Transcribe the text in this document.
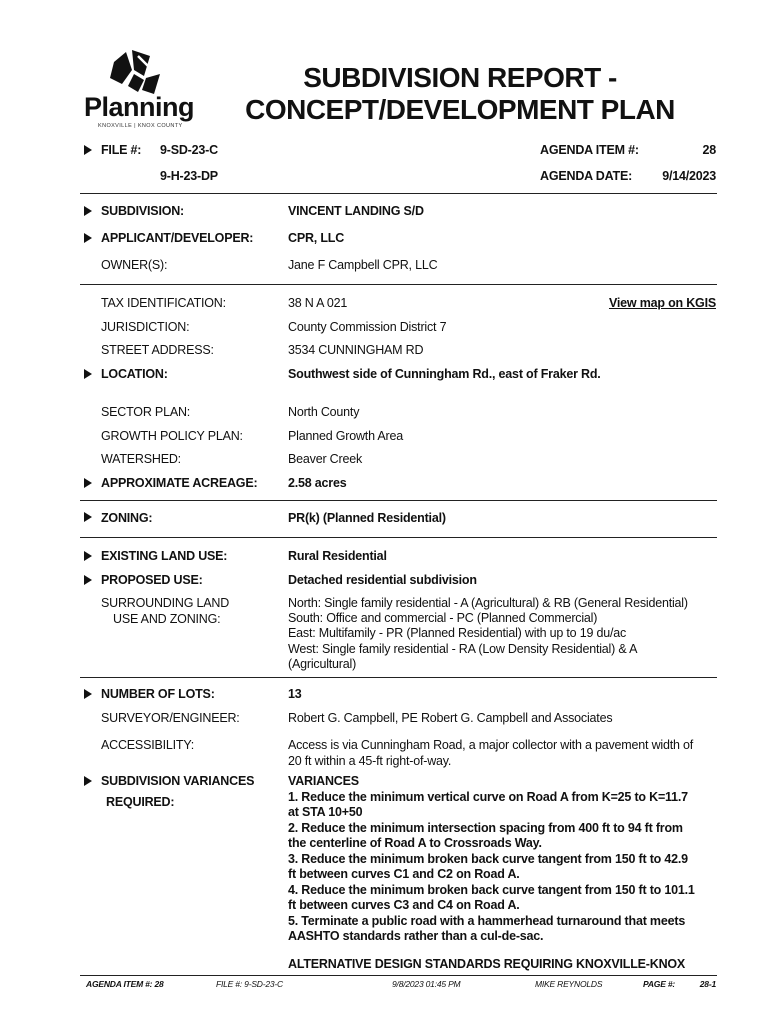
Planning
KNOXVILLE | KNOX COUNTY
SUBDIVISION REPORT -
CONCEPT/DEVELOPMENT PLAN
FILE #: 9-SD-23-C
9-H-23-DP
AGENDA ITEM #:	28
AGENDA DATE:	9/14/2023
SUBDIVISION:	VINCENT LANDING S/D
APPLICANT/DEVELOPER:	CPR, LLC
OWNER(S):	Jane F Campbell CPR, LLC
TAX IDENTIFICATION:	38 N A 021	View map on KGIS
JURISDICTION:	County Commission District 7
STREET ADDRESS:	3534 CUNNINGHAM RD
LOCATION:	Southwest side of Cunningham Rd., east of Fraker Rd.
SECTOR PLAN:	North County
GROWTH POLICY PLAN:	Planned Growth Area
WATERSHED:	Beaver Creek
APPROXIMATE ACREAGE: 2.58 acres
ZONING:	PR(k) (Planned Residential)
EXISTING LAND USE:	Rural Residential
PROPOSED USE:	Detached residential subdivision
SURROUNDING LAND
USE AND ZONING:
North: Single family residential - A (Agricultural) & RB (General Residential)
South: Office and commercial - PC (Planned Commercial)
East: Multifamily - PR (Planned Residential) with up to 19 du/ac
West: Single family residential - RA (Low Density Residential) & A
(Agricultural)
NUMBER OF LOTS:	13
SURVEYOR/ENGINEER:	Robert G. Campbell, PE Robert G. Campbell and Associates
ACCESSIBILITY:	Access is via Cunningham Road, a major collector with a pavement width of
20 ft within a 45-ft right-of-way.
SUBDIVISION VARIANCES
REQUIRED:
VARIANCES
1. Reduce the minimum vertical curve on Road A from K=25 to K=11.7
at STA 10+50
2. Reduce the minimum intersection spacing from 400 ft to 94 ft from
the centerline of Road A to Crossroads Way.
3. Reduce the minimum broken back curve tangent from 150 ft to 42.9
ft between curves C1 and C2 on Road A.
4. Reduce the minimum broken back curve tangent from 150 ft to 101.1
ft between curves C3 and C4 on Road A.
5. Terminate a public road with a hammerhead turnaround that meets
AASHTO standards rather than a cul-de-sac.
ALTERNATIVE DESIGN STANDARDS REQUIRING KNOXVILLE-KNOX
AGENDA ITEM #: 28	FILE #: 9-SD-23-C	9/8/2023 01:45 PM	MIKE REYNOLDS	PAGE #:	28-1
